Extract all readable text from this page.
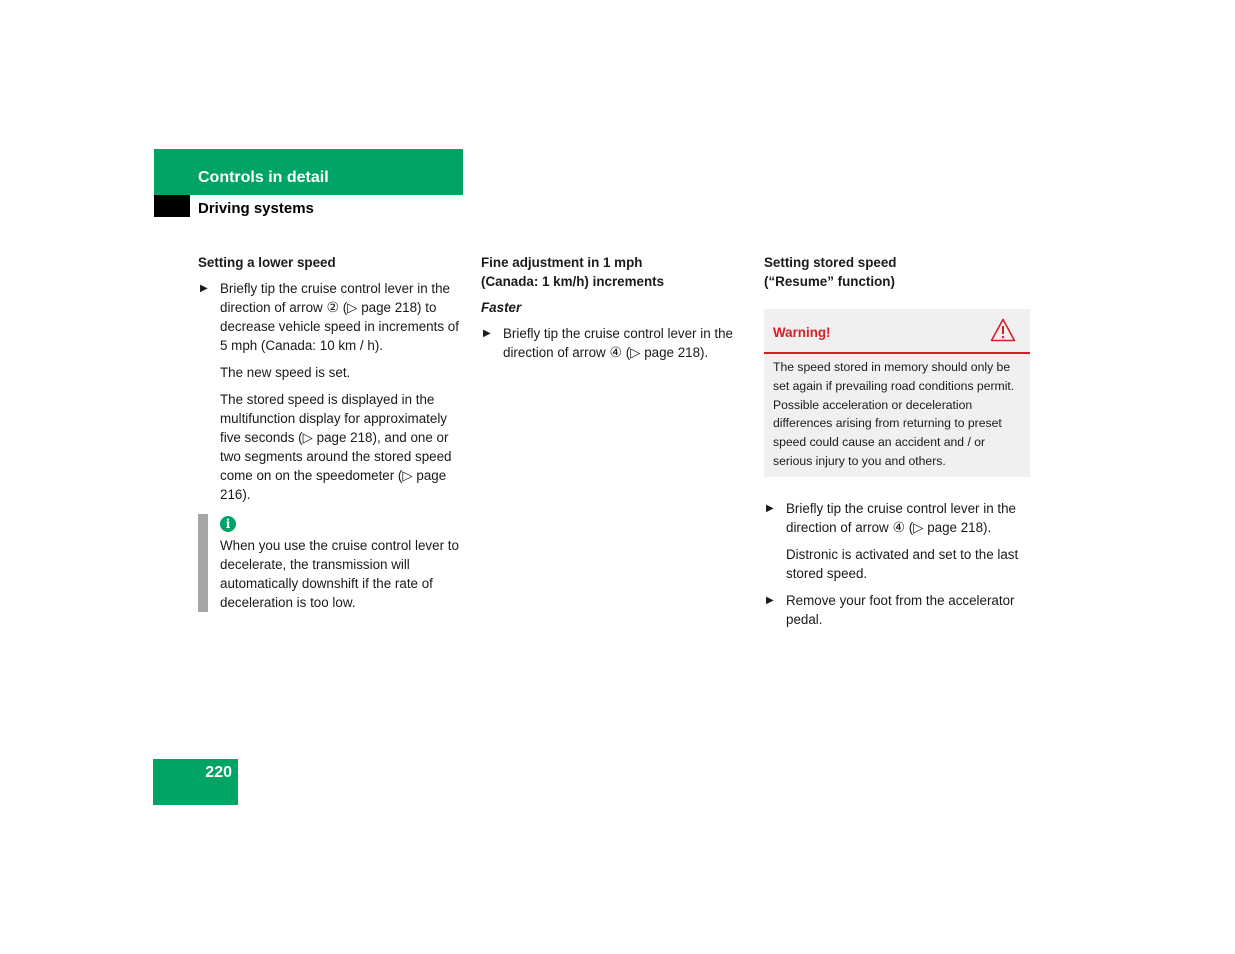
Controls in detail
Driving systems
Setting a lower speed
▶ Briefly tip the cruise control lever in the direction of arrow ② (▷ page 218) to decrease vehicle speed in increments of 5 mph (Canada: 10 km / h).
The new speed is set.
The stored speed is displayed in the multifunction display for approximately five seconds (▷ page 218), and one or two segments around the stored speed come on on the speedometer (▷ page 216).
i
When you use the cruise control lever to decelerate, the transmission will automatically downshift if the rate of deceleration is too low.
Fine adjustment in 1 mph
(Canada: 1 km/h) increments
Faster
▶ Briefly tip the cruise control lever in the direction of arrow ④ (▷ page 218).
Setting stored speed
(“Resume” function)
Warning!
The speed stored in memory should only be set again if prevailing road conditions permit. Possible acceleration or deceleration differences arising from returning to preset speed could cause an accident and / or serious injury to you and others.
▶ Briefly tip the cruise control lever in the direction of arrow ④ (▷ page 218).
Distronic is activated and set to the last stored speed.
▶ Remove your foot from the accelerator pedal.
220
